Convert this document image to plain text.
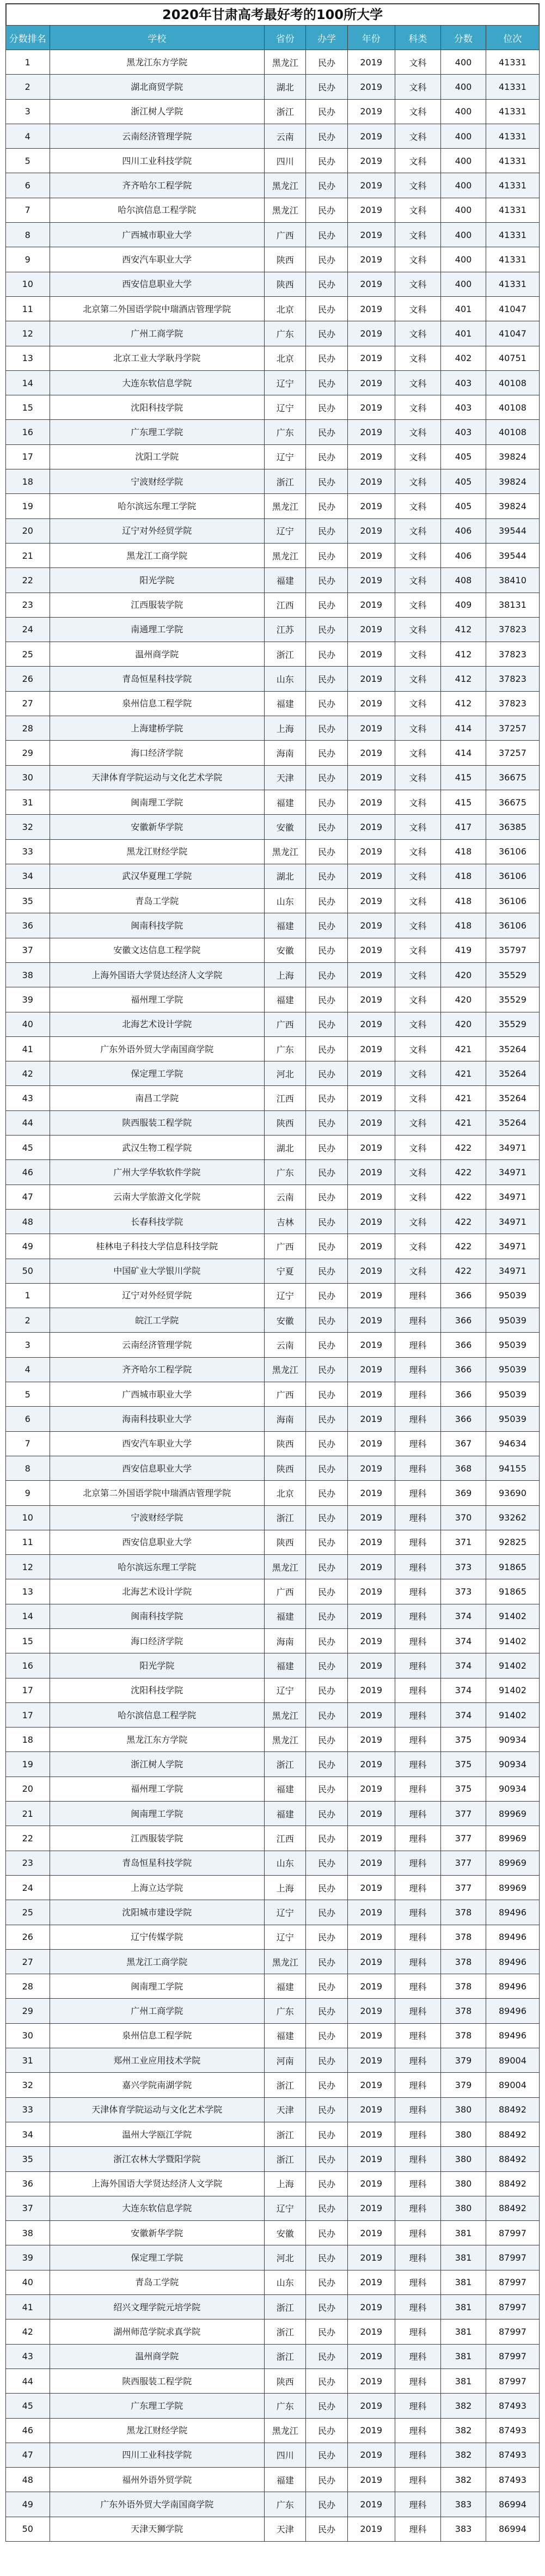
2020年甘肃高考最好考的100所大学
分数排名	学校	省份	办学	年份	科类	分数	位次
1	黑龙江东方学院	黑龙江	民办	2019	文科	400	41331
2	湖北商贸学院	湖北	民办	2019	文科	400	41331
3	浙江树人学院	浙江	民办	2019	文科	400	41331
4	云南经济管理学院	云南	民办	2019	文科	400	41331
5	四川工业科技学院	四川	民办	2019	文科	400	41331
6	齐齐哈尔工程学院	黑龙江	民办	2019	文科	400	41331
7	哈尔滨信息工程学院	黑龙江	民办	2019	文科	400	41331
8	广西城市职业大学	广西	民办	2019	文科	400	41331
9	西安汽车职业大学	陕西	民办	2019	文科	400	41331
10	西安信息职业大学	陕西	民办	2019	文科	400	41331
11	北京第二外国语学院中瑞酒店管理学院	北京	民办	2019	文科	401	41047
12	广州工商学院	广东	民办	2019	文科	401	41047
13	北京工业大学耿丹学院	北京	民办	2019	文科	402	40751
14	大连东软信息学院	辽宁	民办	2019	文科	403	40108
15	沈阳科技学院	辽宁	民办	2019	文科	403	40108
16	广东理工学院	广东	民办	2019	文科	403	40108
17	沈阳工学院	辽宁	民办	2019	文科	405	39824
18	宁波财经学院	浙江	民办	2019	文科	405	39824
19	哈尔滨远东理工学院	黑龙江	民办	2019	文科	405	39824
20	辽宁对外经贸学院	辽宁	民办	2019	文科	406	39544
21	黑龙江工商学院	黑龙江	民办	2019	文科	406	39544
22	阳光学院	福建	民办	2019	文科	408	38410
23	江西服装学院	江西	民办	2019	文科	409	38131
24	南通理工学院	江苏	民办	2019	文科	412	37823
25	温州商学院	浙江	民办	2019	文科	412	37823
26	青岛恒星科技学院	山东	民办	2019	文科	412	37823
27	泉州信息工程学院	福建	民办	2019	文科	412	37823
28	上海建桥学院	上海	民办	2019	文科	414	37257
29	海口经济学院	海南	民办	2019	文科	414	37257
30	天津体育学院运动与文化艺术学院	天津	民办	2019	文科	415	36675
31	闽南理工学院	福建	民办	2019	文科	415	36675
32	安徽新华学院	安徽	民办	2019	文科	417	36385
33	黑龙江财经学院	黑龙江	民办	2019	文科	418	36106
34	武汉华夏理工学院	湖北	民办	2019	文科	418	36106
35	青岛工学院	山东	民办	2019	文科	418	36106
36	闽南科技学院	福建	民办	2019	文科	418	36106
37	安徽文达信息工程学院	安徽	民办	2019	文科	419	35797
38	上海外国语大学贤达经济人文学院	上海	民办	2019	文科	420	35529
39	福州理工学院	福建	民办	2019	文科	420	35529
40	北海艺术设计学院	广西	民办	2019	文科	420	35529
41	广东外语外贸大学南国商学院	广东	民办	2019	文科	421	35264
42	保定理工学院	河北	民办	2019	文科	421	35264
43	南昌工学院	江西	民办	2019	文科	421	35264
44	陕西服装工程学院	陕西	民办	2019	文科	421	35264
45	武汉生物工程学院	湖北	民办	2019	文科	422	34971
46	广州大学华软软件学院	广东	民办	2019	文科	422	34971
47	云南大学旅游文化学院	云南	民办	2019	文科	422	34971
48	长春科技学院	吉林	民办	2019	文科	422	34971
49	桂林电子科技大学信息科技学院	广西	民办	2019	文科	422	34971
50	中国矿业大学银川学院	宁夏	民办	2019	文科	422	34971
1	辽宁对外经贸学院	辽宁	民办	2019	理科	366	95039
2	皖江工学院	安徽	民办	2019	理科	366	95039
3	云南经济管理学院	云南	民办	2019	理科	366	95039
4	齐齐哈尔工程学院	黑龙江	民办	2019	理科	366	95039
5	广西城市职业大学	广西	民办	2019	理科	366	95039
6	海南科技职业大学	海南	民办	2019	理科	366	95039
7	西安汽车职业大学	陕西	民办	2019	理科	367	94634
8	西安信息职业大学	陕西	民办	2019	理科	368	94155
9	北京第二外国语学院中瑞酒店管理学院	北京	民办	2019	理科	369	93690
10	宁波财经学院	浙江	民办	2019	理科	370	93262
11	西安信息职业大学	陕西	民办	2019	理科	371	92825
12	哈尔滨远东理工学院	黑龙江	民办	2019	理科	373	91865
13	北海艺术设计学院	广西	民办	2019	理科	373	91865
14	闽南科技学院	福建	民办	2019	理科	374	91402
15	海口经济学院	海南	民办	2019	理科	374	91402
16	阳光学院	福建	民办	2019	理科	374	91402
17	沈阳科技学院	辽宁	民办	2019	理科	374	91402
17	哈尔滨信息工程学院	黑龙江	民办	2019	理科	374	91402
18	黑龙江东方学院	黑龙江	民办	2019	理科	375	90934
19	浙江树人学院	浙江	民办	2019	理科	375	90934
20	福州理工学院	福建	民办	2019	理科	375	90934
21	闽南理工学院	福建	民办	2019	理科	377	89969
22	江西服装学院	江西	民办	2019	理科	377	89969
23	青岛恒星科技学院	山东	民办	2019	理科	377	89969
24	上海立达学院	上海	民办	2019	理科	377	89969
25	沈阳城市建设学院	辽宁	民办	2019	理科	378	89496
26	辽宁传媒学院	辽宁	民办	2019	理科	378	89496
27	黑龙江工商学院	黑龙江	民办	2019	理科	378	89496
28	闽南理工学院	福建	民办	2019	理科	378	89496
29	广州工商学院	广东	民办	2019	理科	378	89496
30	泉州信息工程学院	福建	民办	2019	理科	378	89496
31	郑州工业应用技术学院	河南	民办	2019	理科	379	89004
32	嘉兴学院南湖学院	浙江	民办	2019	理科	379	89004
33	天津体育学院运动与文化艺术学院	天津	民办	2019	理科	380	88492
34	温州大学瓯江学院	浙江	民办	2019	理科	380	88492
35	浙江农林大学暨阳学院	浙江	民办	2019	理科	380	88492
36	上海外国语大学贤达经济人文学院	上海	民办	2019	理科	380	88492
37	大连东软信息学院	辽宁	民办	2019	理科	380	88492
38	安徽新华学院	安徽	民办	2019	理科	381	87997
39	保定理工学院	河北	民办	2019	理科	381	87997
40	青岛工学院	山东	民办	2019	理科	381	87997
41	绍兴文理学院元培学院	浙江	民办	2019	理科	381	87997
42	湖州师范学院求真学院	浙江	民办	2019	理科	381	87997
43	温州商学院	浙江	民办	2019	理科	381	87997
44	陕西服装工程学院	陕西	民办	2019	理科	381	87997
45	广东理工学院	广东	民办	2019	理科	382	87493
46	黑龙江财经学院	黑龙江	民办	2019	理科	382	87493
47	四川工业科技学院	四川	民办	2019	理科	382	87493
48	福州外语外贸学院	福建	民办	2019	理科	382	87493
49	广东外语外贸大学南国商学院	广东	民办	2019	理科	383	86994
50	天津天狮学院	天津	民办	2019	理科	383	86994
